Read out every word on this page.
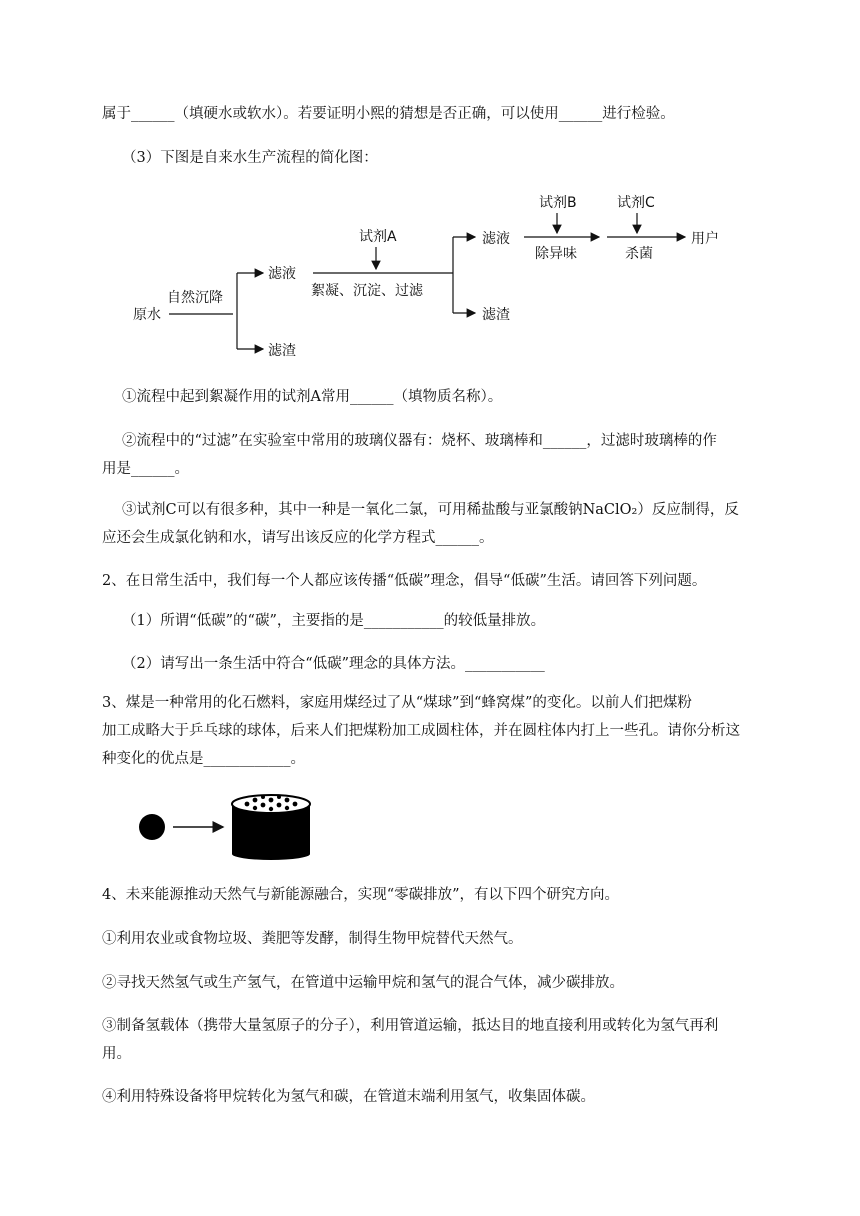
属于______（填硬水或软水）。若要证明小熙的猜想是否正确，可以使用______进行检验。
（3）下图是自来水生产流程的简化图：
原水
自然沉降
滤液
滤渣
试剂A
絮凝、沉淀、过滤
滤液
滤渣
试剂B
除异味
试剂C
杀菌
用户
①流程中起到絮凝作用的试剂A常用______（填物质名称）。
②流程中的“过滤”在实验室中常用的玻璃仪器有：烧杯、玻璃棒和______，过滤时玻璃棒的作
用是______。
③试剂C可以有很多种，其中一种是一氧化二氯，可用稀盐酸与亚氯酸钠NaClO₂）反应制得，反
应还会生成氯化钠和水，请写出该反应的化学方程式______。
2、在日常生活中，我们每一个人都应该传播“低碳”理念，倡导“低碳”生活。请回答下列问题。
（1）所谓“低碳”的“碳”，主要指的是___________的较低量排放。
（2）请写出一条生活中符合“低碳”理念的具体方法。___________
3、煤是一种常用的化石燃料，家庭用煤经过了从“煤球”到“蜂窝煤”的变化。以前人们把煤粉
加工成略大于乒乓球的球体，后来人们把煤粉加工成圆柱体，并在圆柱体内打上一些孔。请你分析这
种变化的优点是____________。
4、未来能源推动天然气与新能源融合，实现“零碳排放”，有以下四个研究方向。
①利用农业或食物垃圾、粪肥等发酵，制得生物甲烷替代天然气。
②寻找天然氢气或生产氢气，在管道中运输甲烷和氢气的混合气体，减少碳排放。
③制备氢载体（携带大量氢原子的分子），利用管道运输，抵达目的地直接利用或转化为氢气再利
用。
④利用特殊设备将甲烷转化为氢气和碳，在管道末端利用氢气，收集固体碳。
